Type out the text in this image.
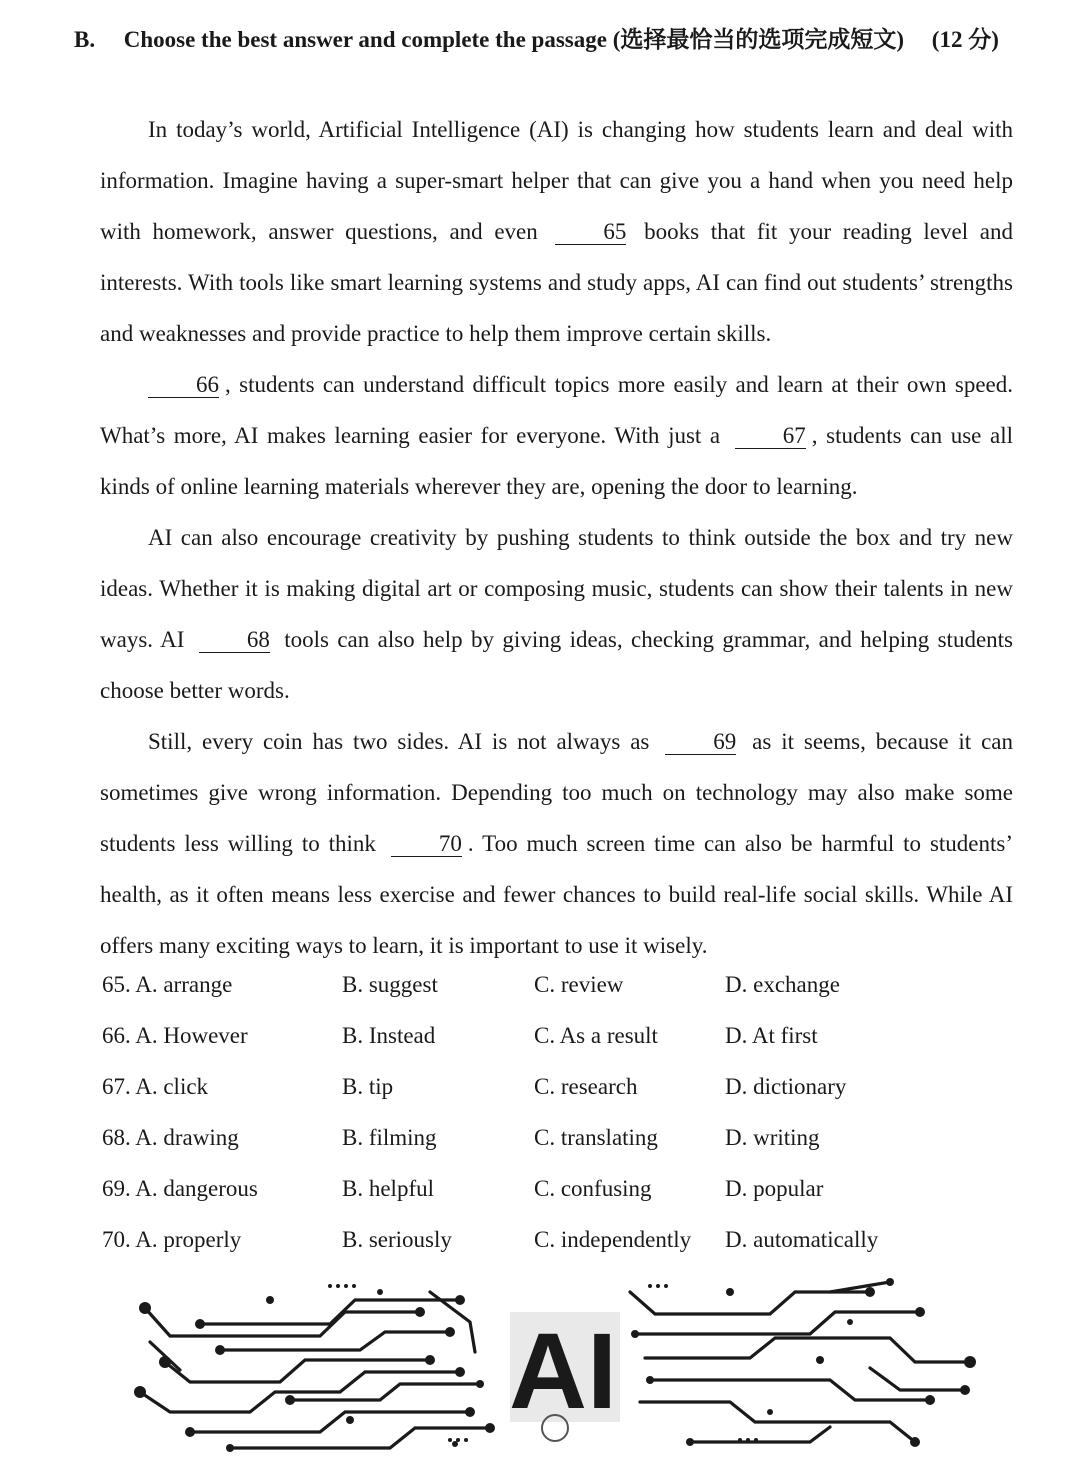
B. Choose the best answer and complete the passage (选择最恰当的选项完成短文) (12 分)

In today’s world, Artificial Intelligence (AI) is changing how students learn and deal with information. Imagine having a super-smart helper that can give you a hand when you need help with homework, answer questions, and even	65 books that fit your reading level and interests. With tools like smart learning systems and study apps, AI can find out students’ strengths and weaknesses and provide practice to help them improve certain skills.

66 , students can understand difficult topics more easily and learn at their own speed. What’s more, AI makes learning easier for everyone. With just a	67 , students can use all kinds of online learning materials wherever they are, opening the door to learning.

AI can also encourage creativity by pushing students to think outside the box and try new ideas. Whether it is making digital art or composing music, students can show their talents in new ways. AI	68 tools can also help by giving ideas, checking grammar, and helping students choose better words.

Still, every coin has two sides. AI is not always as	69 as it seems, because it can sometimes give wrong information. Depending too much on technology may also make some students less willing to think	70 . Too much screen time can also be harmful to students’ health, as it often means less exercise and fewer chances to build real-life social skills. While AI offers many exciting ways to learn, it is important to use it wisely.

65. A. arrange	B. suggest	C. review	D. exchange
66. A. However	B. Instead	C. As a result	D. At first
67. A. click	B. tip	C. research	D. dictionary
68. A. drawing	B. filming	C. translating	D. writing
69. A. dangerous	B. helpful	C. confusing	D. popular
70. A. properly	B. seriously	C. independently D. automatically
AI
